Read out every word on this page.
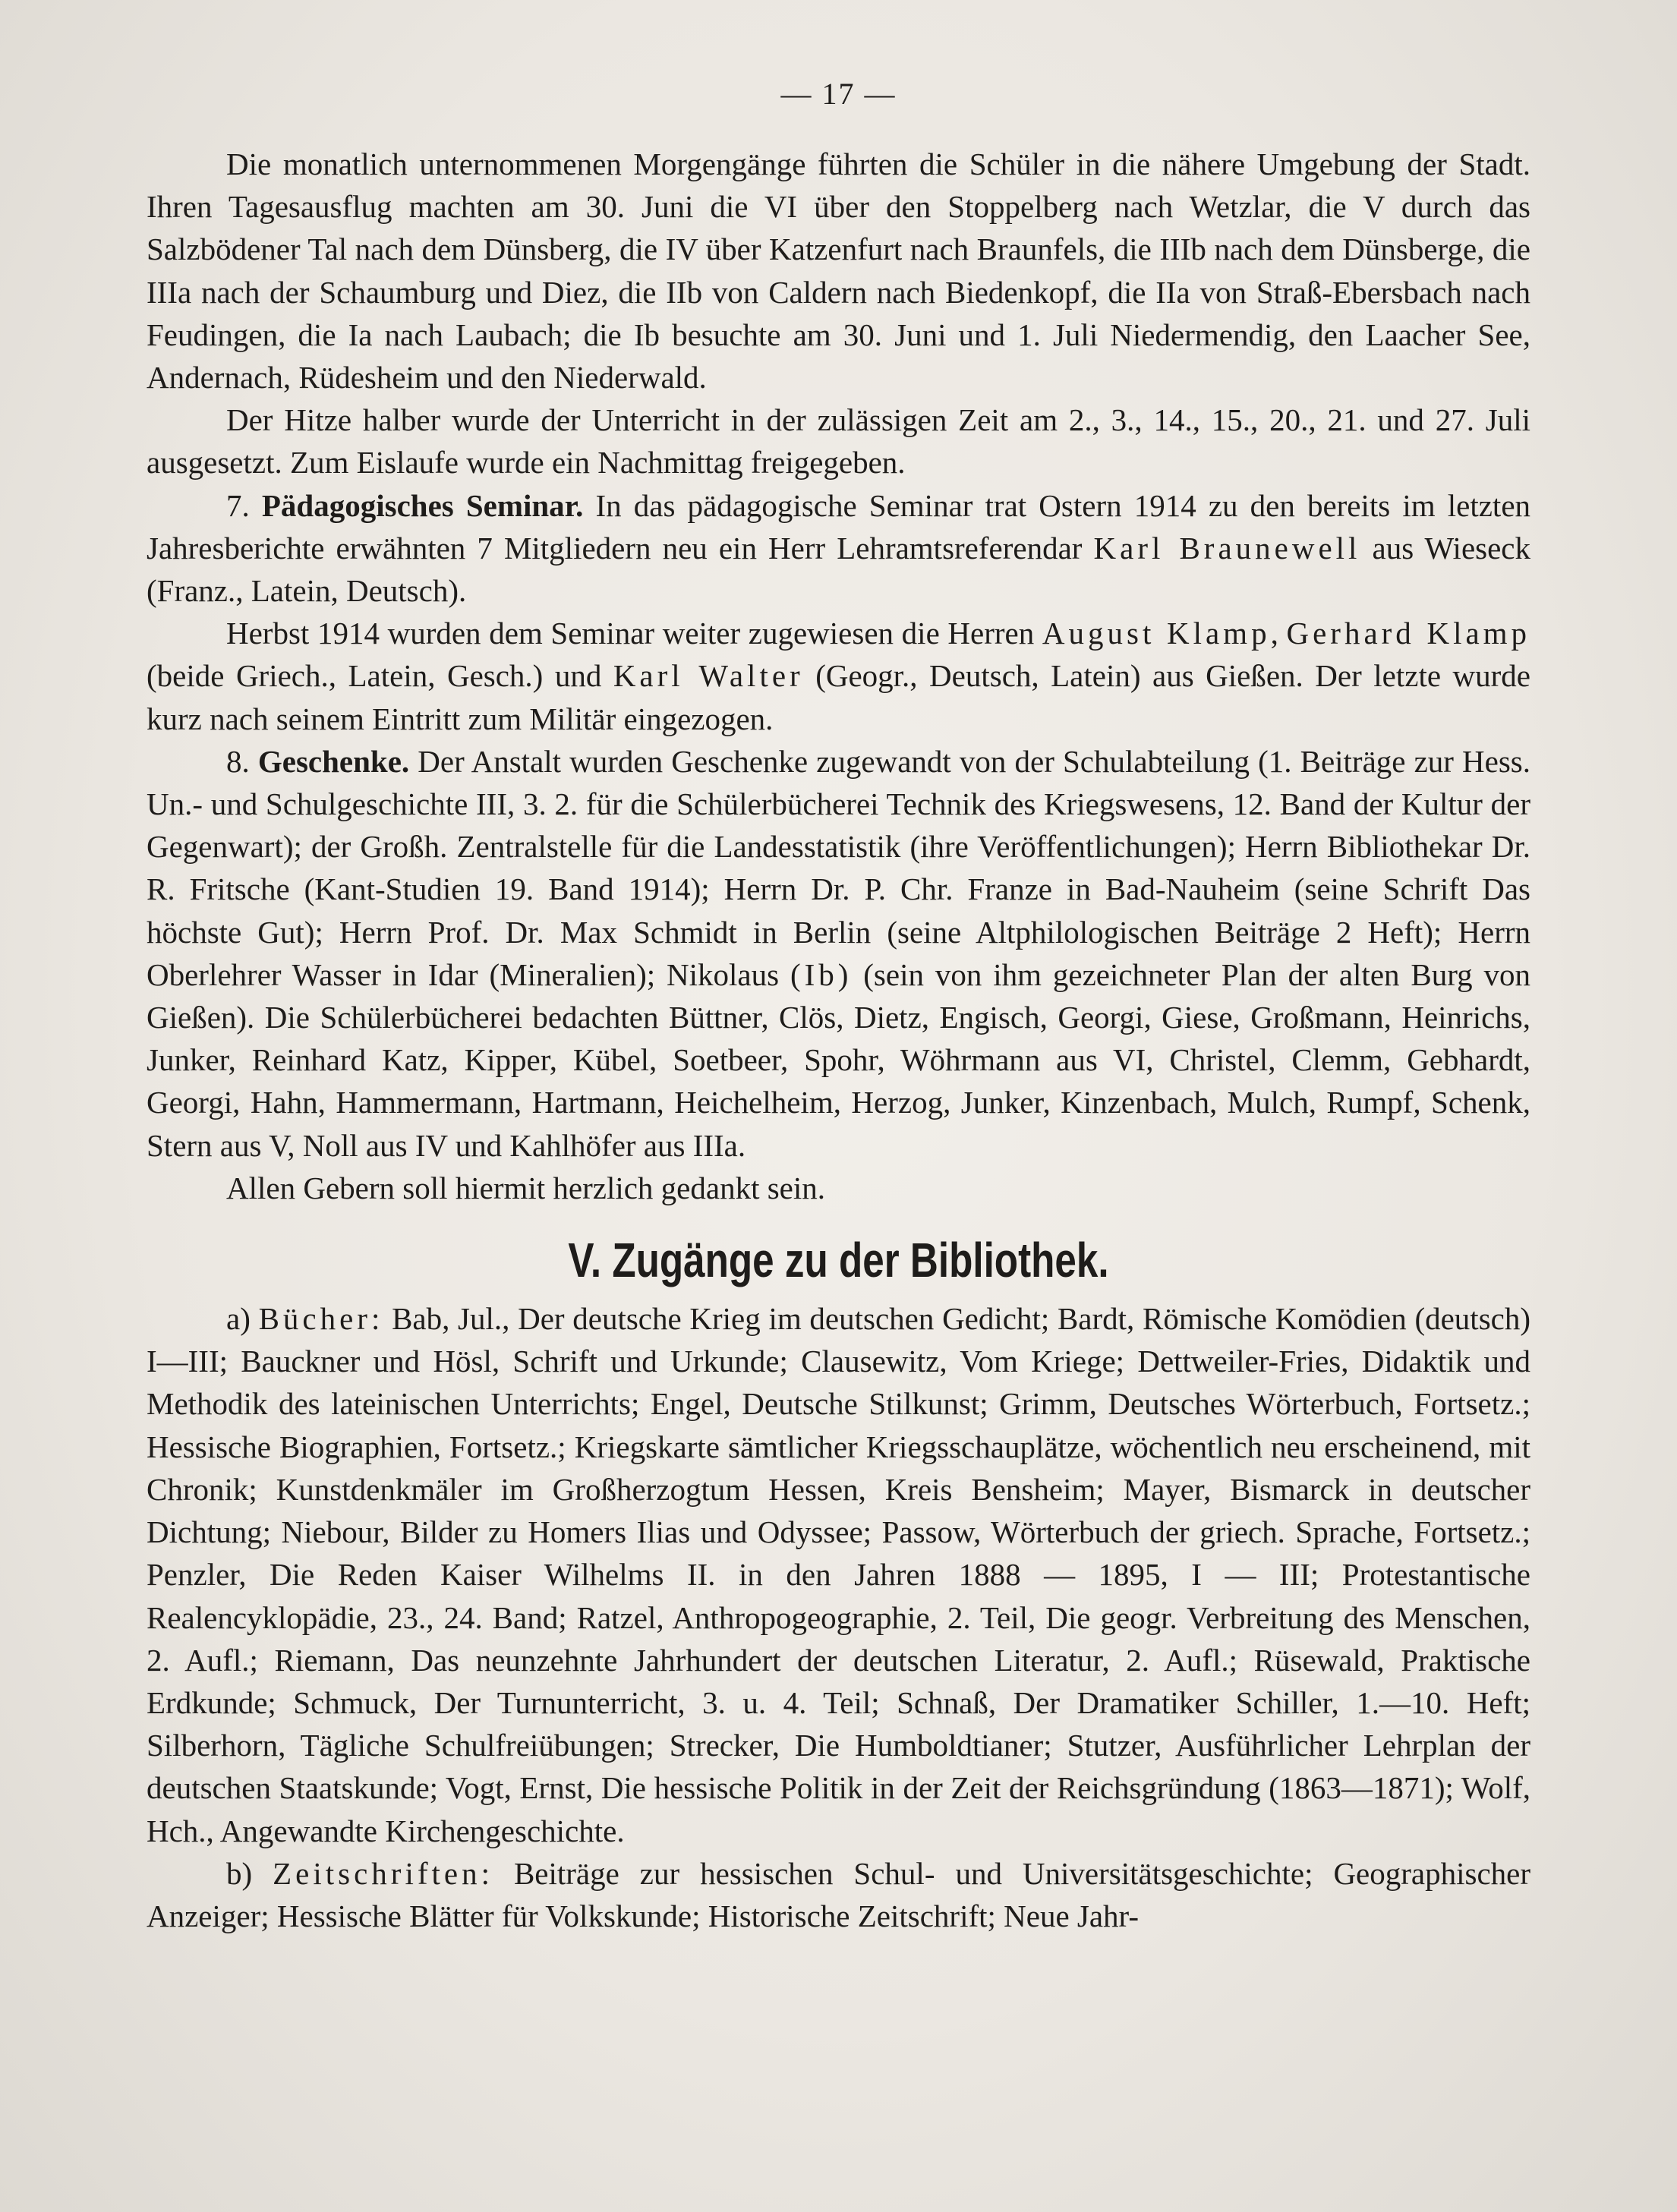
— 17 —

Die monatlich unternommenen Morgengänge führten die Schüler in die nähere Umgebung der Stadt. Ihren Tagesausflug machten am 30. Juni die VI über den Stoppelberg nach Wetzlar, die V durch das Salzbödener Tal nach dem Dünsberg, die IV über Katzenfurt nach Braunfels, die IIIb nach dem Dünsberge, die IIIa nach der Schaumburg und Diez, die IIb von Caldern nach Biedenkopf, die IIa von Straß-Ebersbach nach Feudingen, die Ia nach Laubach; die Ib besuchte am 30. Juni und 1. Juli Niedermendig, den Laacher See, Andernach, Rüdesheim und den Niederwald.

Der Hitze halber wurde der Unterricht in der zulässigen Zeit am 2., 3., 14., 15., 20., 21. und 27. Juli ausgesetzt. Zum Eislaufe wurde ein Nachmittag freigegeben.

7. Pädagogisches Seminar. In das pädagogische Seminar trat Ostern 1914 zu den bereits im letzten Jahresberichte erwähnten 7 Mitgliedern neu ein Herr Lehramtsreferendar Karl Braunewell aus Wieseck (Franz., Latein, Deutsch).

Herbst 1914 wurden dem Seminar weiter zugewiesen die Herren August Klamp, Gerhard Klamp (beide Griech., Latein, Gesch.) und Karl Walter (Geogr., Deutsch, Latein) aus Gießen. Der letzte wurde kurz nach seinem Eintritt zum Militär eingezogen.

8. Geschenke. Der Anstalt wurden Geschenke zugewandt von der Schulabteilung (1. Beiträge zur Hess. Un.- und Schulgeschichte III, 3. 2. für die Schülerbücherei Technik des Kriegswesens, 12. Band der Kultur der Gegenwart); der Großh. Zentralstelle für die Landesstatistik (ihre Veröffentlichungen); Herrn Bibliothekar Dr. R. Fritsche (Kant-Studien 19. Band 1914); Herrn Dr. P. Chr. Franze in Bad-Nauheim (seine Schrift Das höchste Gut); Herrn Prof. Dr. Max Schmidt in Berlin (seine Altphilologischen Beiträge 2 Heft); Herrn Oberlehrer Wasser in Idar (Mineralien); Nikolaus (Ib) (sein von ihm gezeichneter Plan der alten Burg von Gießen). Die Schülerbücherei bedachten Büttner, Clös, Dietz, Engisch, Georgi, Giese, Großmann, Heinrichs, Junker, Reinhard Katz, Kipper, Kübel, Soetbeer, Spohr, Wöhrmann aus VI, Christel, Clemm, Gebhardt, Georgi, Hahn, Hammermann, Hartmann, Heichelheim, Herzog, Junker, Kinzenbach, Mulch, Rumpf, Schenk, Stern aus V, Noll aus IV und Kahlhöfer aus IIIa.

Allen Gebern soll hiermit herzlich gedankt sein.

V. Zugänge zu der Bibliothek.

a) Bücher: Bab, Jul., Der deutsche Krieg im deutschen Gedicht; Bardt, Römische Komödien (deutsch) I—III; Bauckner und Hösl, Schrift und Urkunde; Clausewitz, Vom Kriege; Dettweiler-Fries, Didaktik und Methodik des lateinischen Unterrichts; Engel, Deutsche Stilkunst; Grimm, Deutsches Wörterbuch, Fortsetz.; Hessische Biographien, Fortsetz.; Kriegskarte sämtlicher Kriegsschauplätze, wöchentlich neu erscheinend, mit Chronik; Kunstdenkmäler im Großherzogtum Hessen, Kreis Bensheim; Mayer, Bismarck in deutscher Dichtung; Niebour, Bilder zu Homers Ilias und Odyssee; Passow, Wörterbuch der griech. Sprache, Fortsetz.; Penzler, Die Reden Kaiser Wilhelms II. in den Jahren 1888 — 1895, I — III; Protestantische Realencyklopädie, 23., 24. Band; Ratzel, Anthropogeographie, 2. Teil, Die geogr. Verbreitung des Menschen, 2. Aufl.; Riemann, Das neunzehnte Jahrhundert der deutschen Literatur, 2. Aufl.; Rüsewald, Praktische Erdkunde; Schmuck, Der Turnunterricht, 3. u. 4. Teil; Schnaß, Der Dramatiker Schiller, 1.—10. Heft; Silberhorn, Tägliche Schulfreiübungen; Strecker, Die Humboldtianer; Stutzer, Ausführlicher Lehrplan der deutschen Staatskunde; Vogt, Ernst, Die hessische Politik in der Zeit der Reichsgründung (1863—1871); Wolf, Hch., Angewandte Kirchengeschichte.

b) Zeitschriften: Beiträge zur hessischen Schul- und Universitätsgeschichte; Geographischer Anzeiger; Hessische Blätter für Volkskunde; Historische Zeitschrift; Neue Jahr-
